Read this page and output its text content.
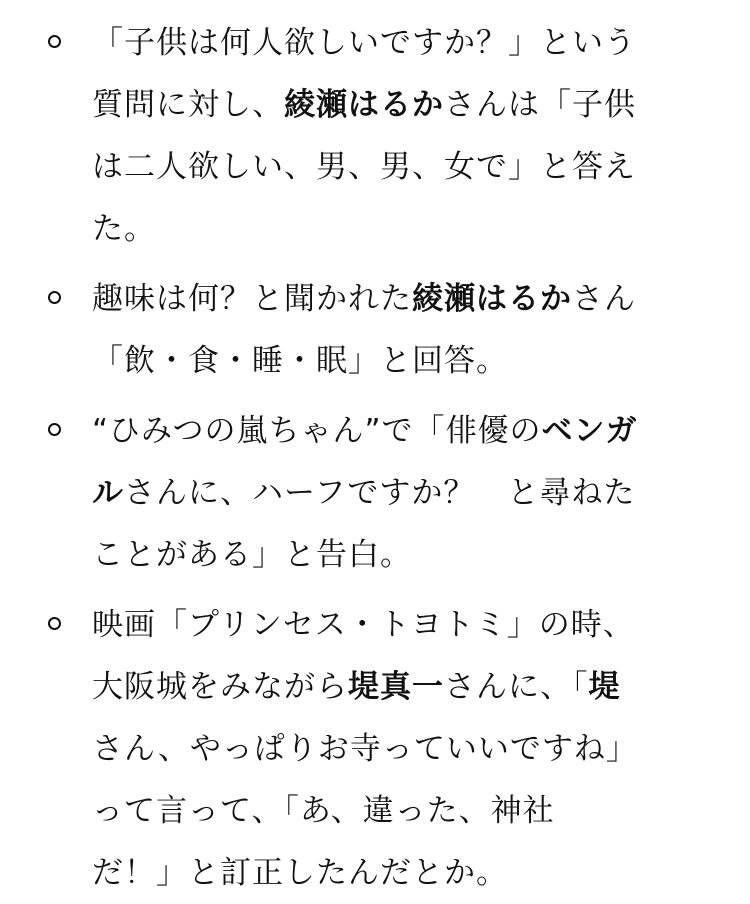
「子供は何人欲しいですか？」という
質問に対し、綾瀬はるかさんは「子供
は二人欲しい、男、男、女で」と答え
た。
趣味は何？と聞かれた綾瀬はるかさん
「飲・食・睡・眠」と回答。
“ひみつの嵐ちゃん”で「俳優のベンガ
ルさんに、ハーフですか？　と尋ねた
ことがある」と告白。
映画「プリンセス・トヨトミ」の時、
大阪城をみながら堤真一さんに、「堤
さん、やっぱりお寺っていいですね」
って言って、「あ、違った、神社
だ！」と訂正したんだとか。
